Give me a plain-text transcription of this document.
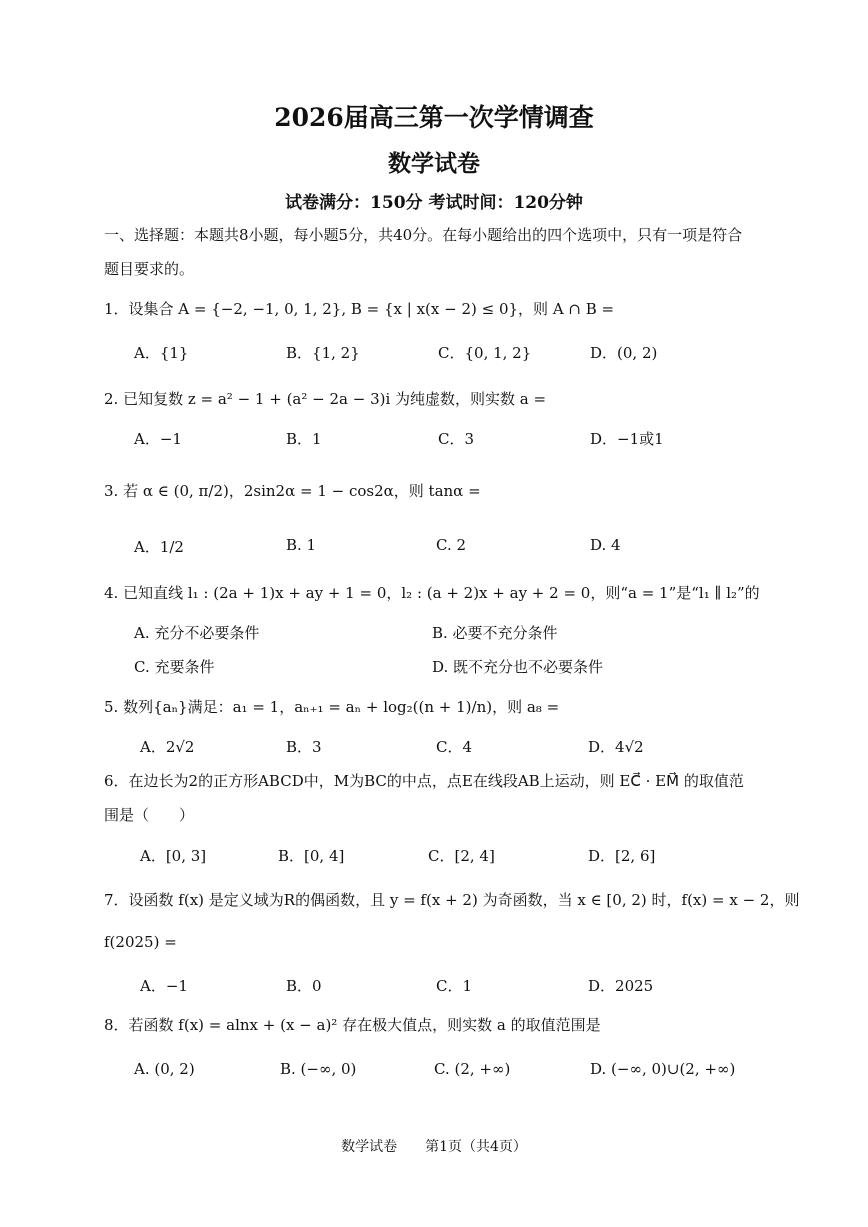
2026届高三第一次学情调查
数学试卷
试卷满分：150分 考试时间：120分钟
一、选择题：本题共8小题，每小题5分，共40分。在每小题给出的四个选项中，只有一项是符合
题目要求的。
1．设集合 A = {−2, −1, 0, 1, 2}, B = {x | x(x − 2) ≤ 0}，则 A ∩ B =
A．{1}	B．{1, 2}	C．{0, 1, 2}	D．(0, 2)
2. 已知复数 z = a² − 1 + (a² − 2a − 3)i 为纯虚数，则实数 a =
A．−1	B．1	C．3	D．−1或1
3. 若 α ∈ (0, π/2)，2sin2α = 1 − cos2α，则 tanα =
A．1/2	B. 1	C. 2	D. 4
4. 已知直线 l₁ : (2a + 1)x + ay + 1 = 0，l₂ : (a + 2)x + ay + 2 = 0，则“a = 1”是“l₁ ∥ l₂”的
A. 充分不必要条件	B. 必要不充分条件
C. 充要条件	D. 既不充分也不必要条件
5. 数列{aₙ}满足：a₁ = 1，aₙ₊₁ = aₙ + log₂((n + 1)/n)，则 a₈ =
A．2√2	B．3	C．4	D．4√2
6．在边长为2的正方形ABCD中，M为BC的中点，点E在线段AB上运动，则 EC⃗ · EM⃗ 的取值范
围是（　　）
A．[0, 3]	B．[0, 4]	C．[2, 4]	D．[2, 6]
7．设函数 f(x) 是定义域为R的偶函数，且 y = f(x + 2) 为奇函数，当 x ∈ [0, 2) 时，f(x) = x − 2，则
f(2025) =
A．−1	B．0	C．1	D．2025
8．若函数 f(x) = alnx + (x − a)² 存在极大值点，则实数 a 的取值范围是
A. (0, 2)	B. (−∞, 0)	C. (2, +∞)	D. (−∞, 0)∪(2, +∞)
数学试卷　　第1页（共4页）
